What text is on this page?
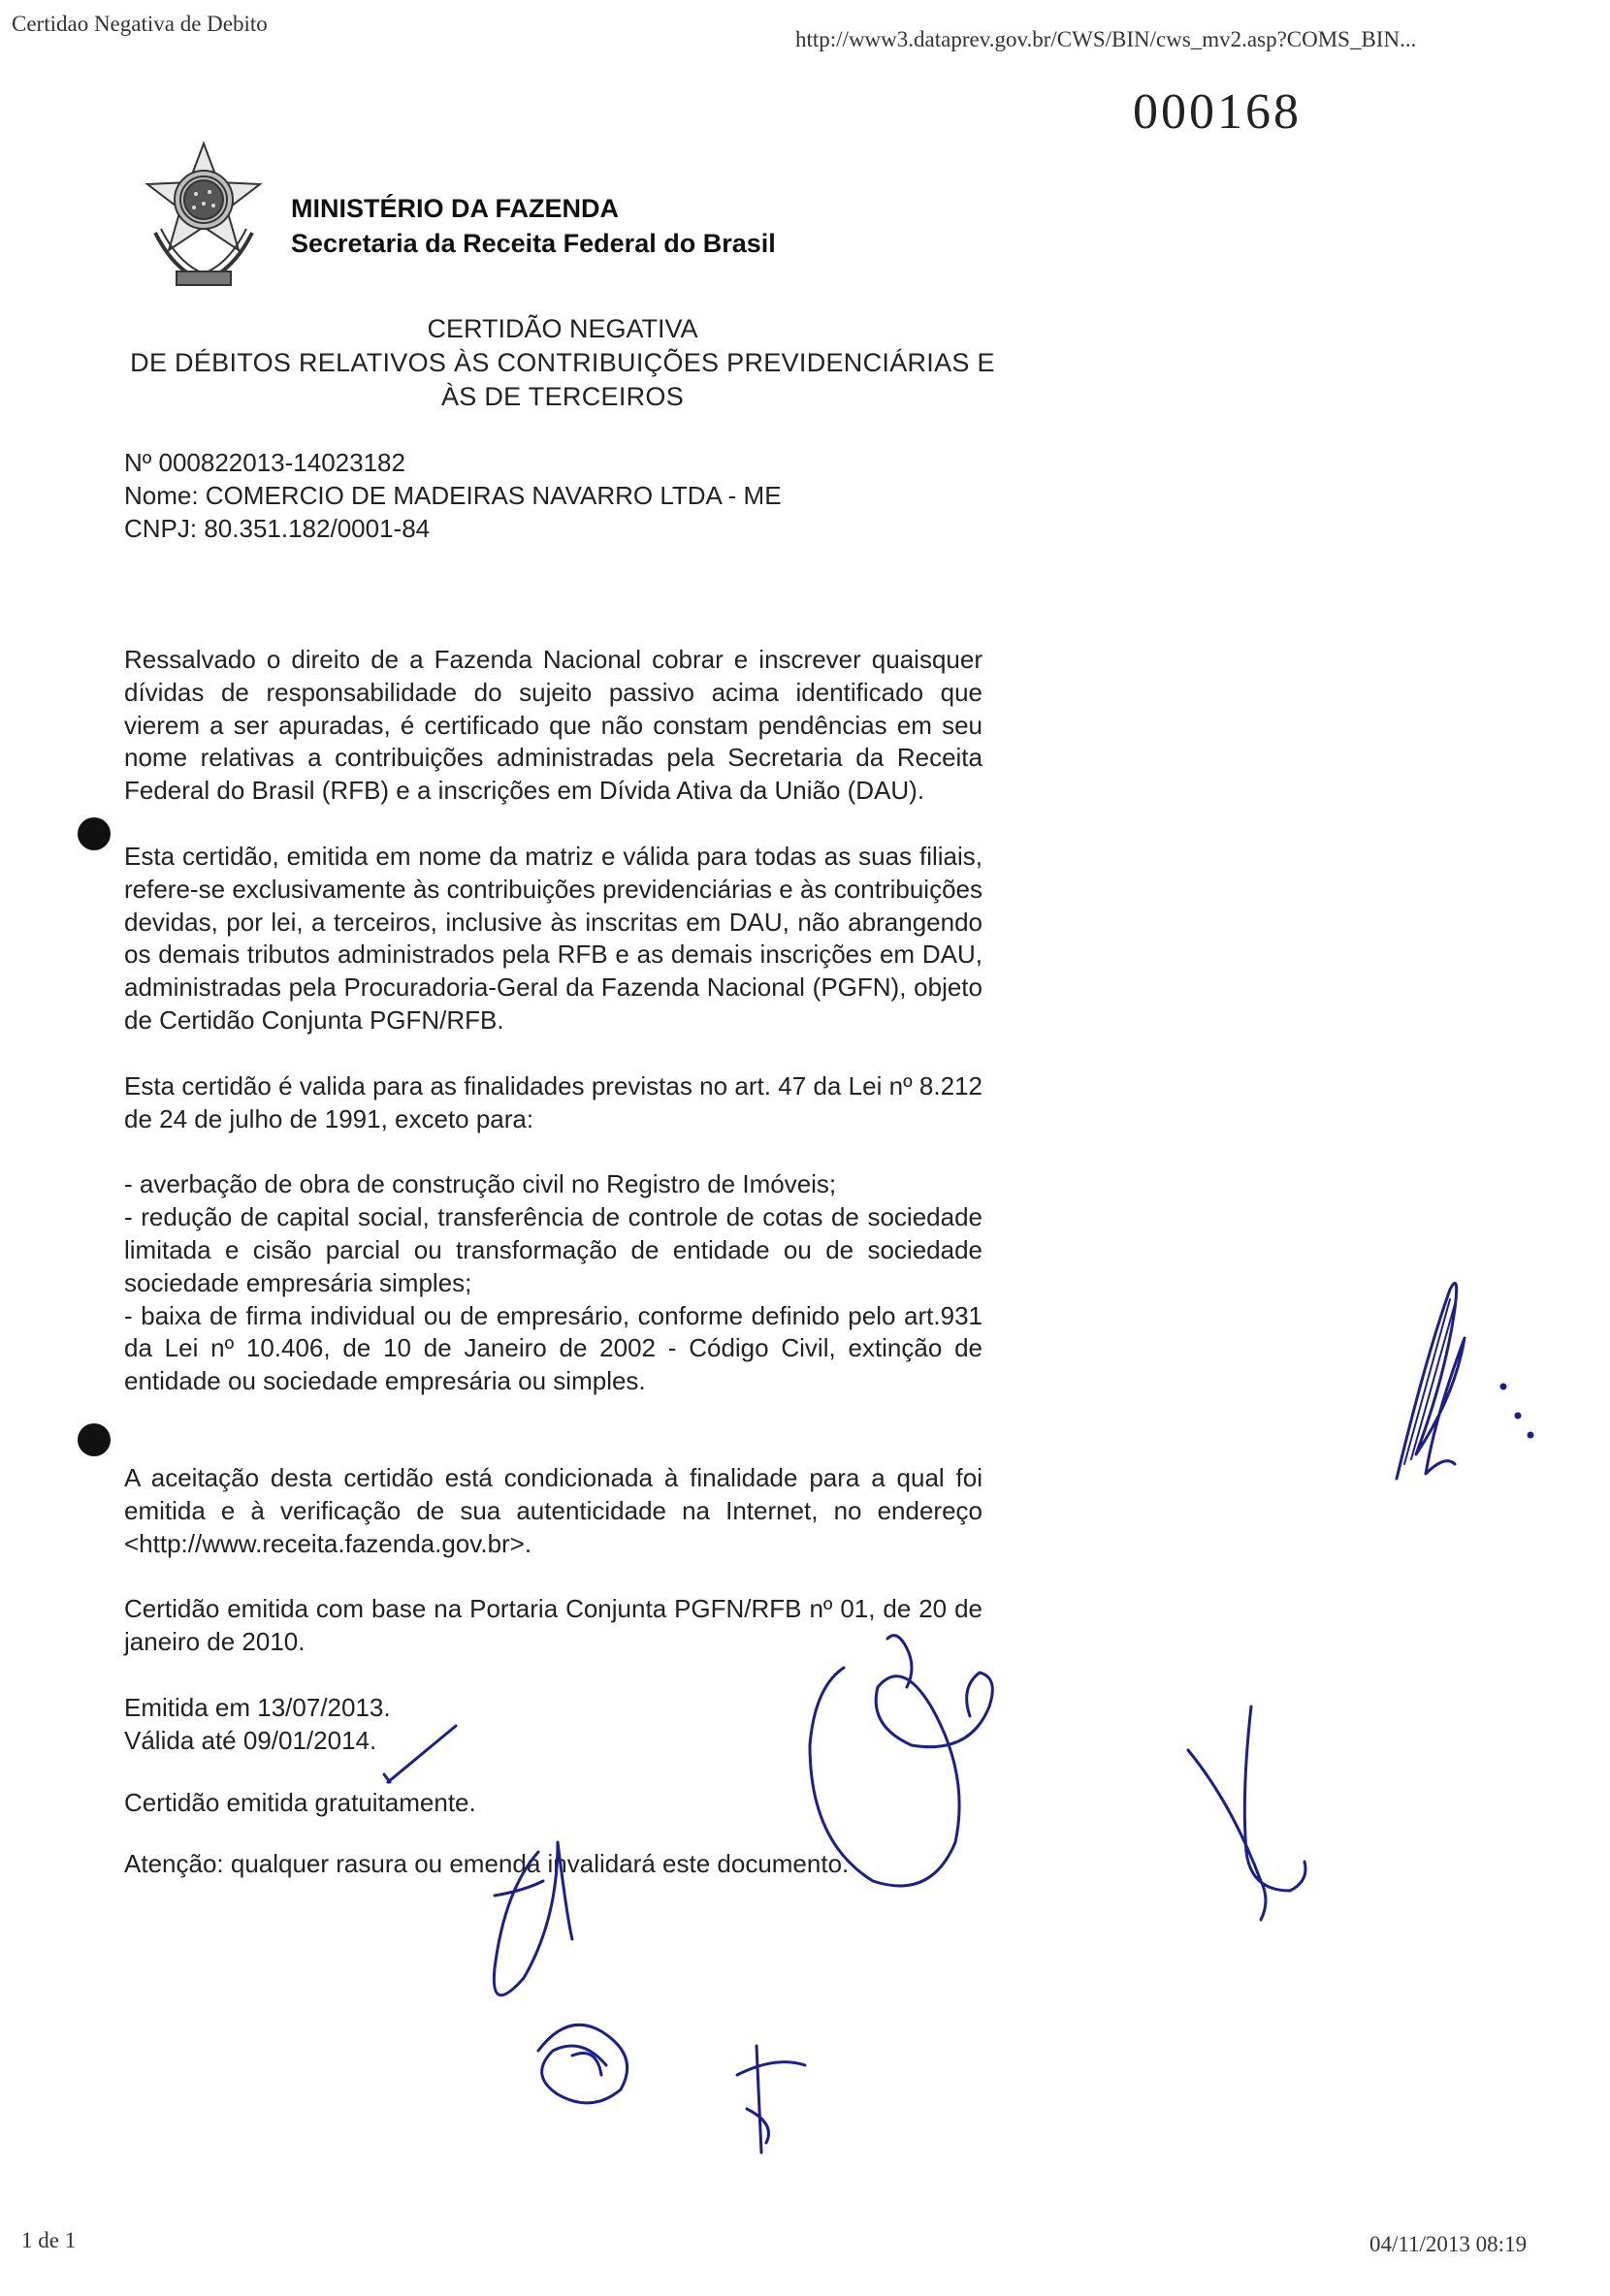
Certidao Negativa de Debito
http://www3.dataprev.gov.br/CWS/BIN/cws_mv2.asp?COMS_BIN...
000168
MINISTÉRIO DA FAZENDA
Secretaria da Receita Federal do Brasil
CERTIDÃO NEGATIVA
DE DÉBITOS RELATIVOS ÀS CONTRIBUIÇÕES PREVIDENCIÁRIAS E
ÀS DE TERCEIROS
Nº 000822013-14023182
Nome: COMERCIO DE MADEIRAS NAVARRO LTDA - ME
CNPJ: 80.351.182/0001-84

Ressalvado o direito de a Fazenda Nacional cobrar e inscrever quaisquer dívidas de responsabilidade do sujeito passivo acima identificado que vierem a ser apuradas, é certificado que não constam pendências em seu nome relativas a contribuições administradas pela Secretaria da Receita Federal do Brasil (RFB) e a inscrições em Dívida Ativa da União (DAU).

Esta certidão, emitida em nome da matriz e válida para todas as suas filiais, refere-se exclusivamente às contribuições previdenciárias e às contribuições devidas, por lei, a terceiros, inclusive às inscritas em DAU, não abrangendo os demais tributos administrados pela RFB e as demais inscrições em DAU, administradas pela Procuradoria-Geral da Fazenda Nacional (PGFN), objeto de Certidão Conjunta PGFN/RFB.

Esta certidão é valida para as finalidades previstas no art. 47 da Lei nº 8.212 de 24 de julho de 1991, exceto para:

- averbação de obra de construção civil no Registro de Imóveis;

- redução de capital social, transferência de controle de cotas de sociedade limitada e cisão parcial ou transformação de entidade ou de sociedade sociedade empresária simples;

- baixa de firma individual ou de empresário, conforme definido pelo art.931 da Lei nº 10.406, de 10 de Janeiro de 2002 - Código Civil, extinção de entidade ou sociedade empresária ou simples.

A aceitação desta certidão está condicionada à finalidade para a qual foi emitida e à verificação de sua autenticidade na Internet, no endereço <http://www.receita.fazenda.gov.br>.

Certidão emitida com base na Portaria Conjunta PGFN/RFB nº 01, de 20 de janeiro de 2010.

Emitida em 13/07/2013.

Válida até 09/01/2014.

Certidão emitida gratuitamente.

Atenção: qualquer rasura ou emenda invalidará este documento.

1 de 1	04/11/2013 08:19
